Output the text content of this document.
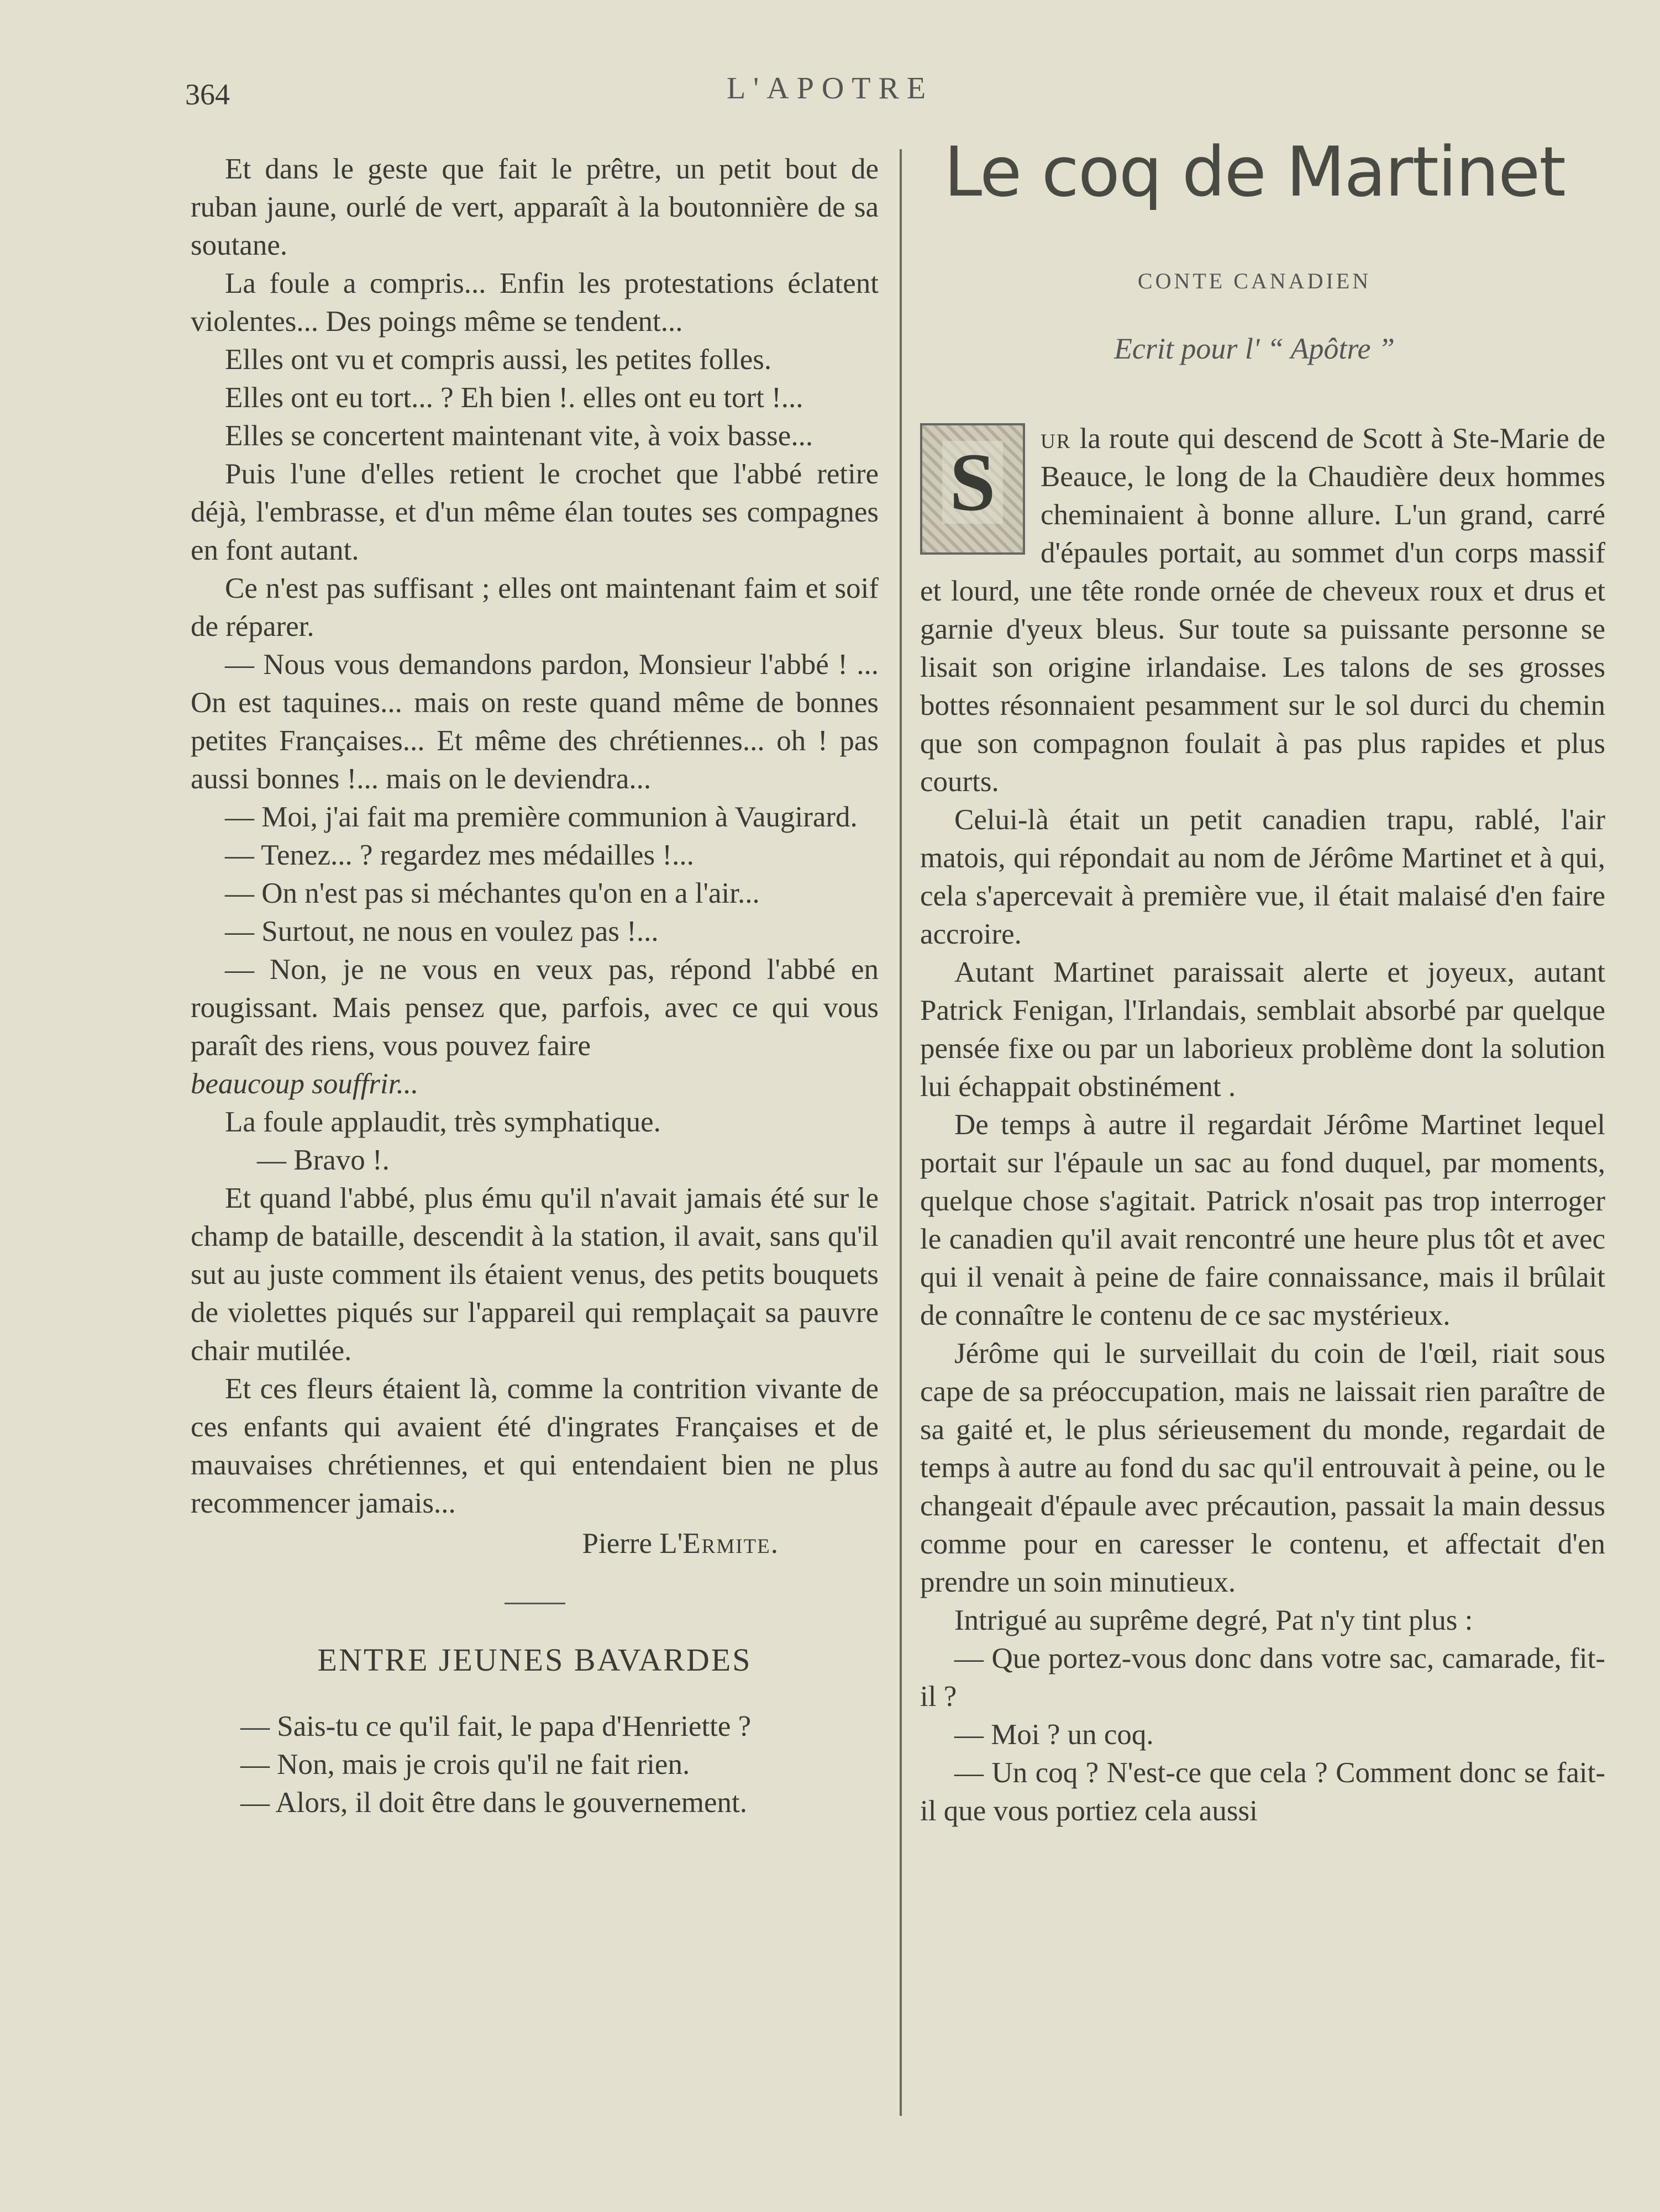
364	L'APOTRE

Et dans le geste que fait le prêtre, un petit bout de ruban jaune, ourlé de vert, apparaît à la boutonnière de sa soutane.

La foule a compris... Enfin les protestations éclatent violentes... Des poings même se tendent...

Elles ont vu et compris aussi, les petites folles.

Elles ont eu tort... ? Eh bien !. elles ont eu tort !...

Elles se concertent maintenant vite, à voix basse...

Puis l'une d'elles retient le crochet que l'abbé retire déjà, l'embrasse, et d'un même élan toutes ses compagnes en font autant.

Ce n'est pas suffisant ; elles ont maintenant faim et soif de réparer.

— Nous vous demandons pardon, Monsieur l'abbé ! ... On est taquines... mais on reste quand même de bonnes petites Françaises... Et même des chrétiennes... oh ! pas aussi bonnes !... mais on le deviendra...

— Moi, j'ai fait ma première communion à Vaugirard.

— Tenez... ? regardez mes médailles !...

— On n'est pas si méchantes qu'on en a l'air...

— Surtout, ne nous en voulez pas !...

— Non, je ne vous en veux pas, répond l'abbé en rougissant. Mais pensez que, parfois, avec ce qui vous paraît des riens, vous pouvez faire

beaucoup souffrir...

La foule applaudit, très symphatique.

— Bravo !.

Et quand l'abbé, plus ému qu'il n'avait jamais été sur le champ de bataille, descendit à la station, il avait, sans qu'il sut au juste comment ils étaient venus, des petits bouquets de violettes piqués sur l'appareil qui remplaçait sa pauvre chair mutilée.

Et ces fleurs étaient là, comme la contrition vivante de ces enfants qui avaient été d'ingrates Françaises et de mauvaises chrétiennes, et qui entendaient bien ne plus recommencer jamais...

Pierre L'Ermite.

ENTRE JEUNES BAVARDES

— Sais-tu ce qu'il fait, le papa d'Henriette ?

— Non, mais je crois qu'il ne fait rien.

— Alors, il doit être dans le gouvernement.

Le coq de Martinet
CONTE CANADIEN
Ecrit pour l' “ Apôtre ”

S ur la route qui descend de Scott à Ste-Marie de Beauce, le long de la Chaudière deux hommes cheminaient à bonne allure. L'un grand, carré d'épaules portait, au sommet d'un corps massif et lourd, une tête ronde ornée de cheveux roux et drus et garnie d'yeux bleus. Sur toute sa puissante personne se lisait son origine irlandaise. Les talons de ses grosses bottes résonnaient pesamment sur le sol durci du chemin que son compagnon foulait à pas plus rapides et plus courts.

Celui-là était un petit canadien trapu, rablé, l'air matois, qui répondait au nom de Jérôme Martinet et à qui, cela s'apercevait à première vue, il était malaisé d'en faire accroire.

Autant Martinet paraissait alerte et joyeux, autant Patrick Fenigan, l'Irlandais, semblait absorbé par quelque pensée fixe ou par un laborieux problème dont la solution lui échappait obstinément .

De temps à autre il regardait Jérôme Martinet lequel portait sur l'épaule un sac au fond duquel, par moments, quelque chose s'agitait. Patrick n'osait pas trop interroger le canadien qu'il avait rencontré une heure plus tôt et avec qui il venait à peine de faire connaissance, mais il brûlait de connaître le contenu de ce sac mystérieux.

Jérôme qui le surveillait du coin de l'œil, riait sous cape de sa préoccupation, mais ne laissait rien paraître de sa gaité et, le plus sérieusement du monde, regardait de temps à autre au fond du sac qu'il entrouvait à peine, ou le changeait d'épaule avec précaution, passait la main dessus comme pour en caresser le contenu, et affectait d'en prendre un soin minutieux.

Intrigué au suprême degré, Pat n'y tint plus :

— Que portez-vous donc dans votre sac, camarade, fit-il ?

— Moi ? un coq.

— Un coq ? N'est-ce que cela ? Comment donc se fait-il que vous portiez cela aussi
